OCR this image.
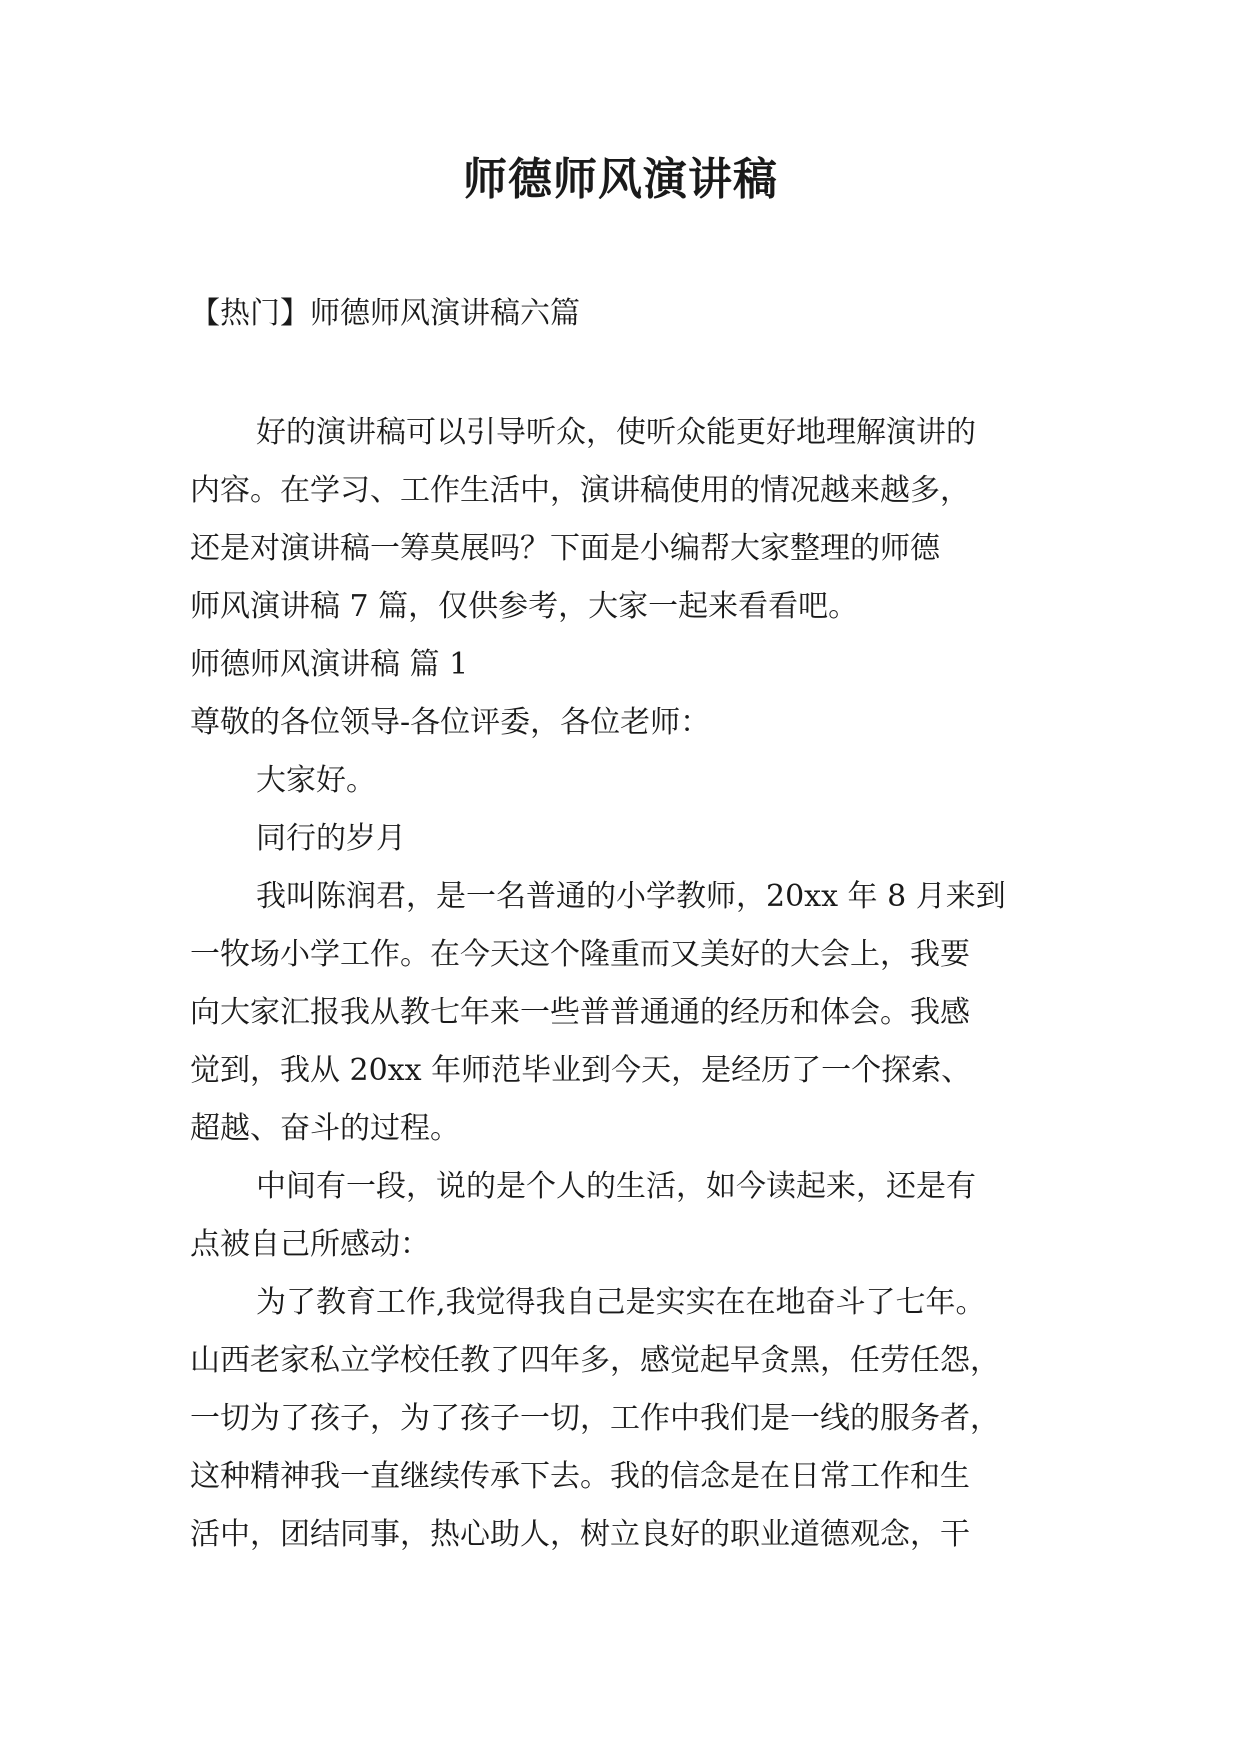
师德师风演讲稿

【热门】师德师风演讲稿六篇

好的演讲稿可以引导听众，使听众能更好地理解演讲的

内容。在学习、工作生活中，演讲稿使用的情况越来越多，

还是对演讲稿一筹莫展吗？下面是小编帮大家整理的师德

师风演讲稿 7 篇，仅供参考，大家一起来看看吧。

师德师风演讲稿 篇 1

尊敬的各位领导-各位评委，各位老师：

大家好。

同行的岁月

我叫陈润君，是一名普通的小学教师，20xx 年 8 月来到

一牧场小学工作。在今天这个隆重而又美好的大会上，我要

向大家汇报我从教七年来一些普普通通的经历和体会。我感

觉到，我从 20xx 年师范毕业到今天，是经历了一个探索、

超越、奋斗的过程。

中间有一段，说的是个人的生活，如今读起来，还是有

点被自己所感动：

为了教育工作,我觉得我自己是实实在在地奋斗了七年。

山西老家私立学校任教了四年多，感觉起早贪黑，任劳任怨，

一切为了孩子，为了孩子一切，工作中我们是一线的服务者，

这种精神我一直继续传承下去。我的信念是在日常工作和生

活中，团结同事，热心助人，树立良好的职业道德观念，干
